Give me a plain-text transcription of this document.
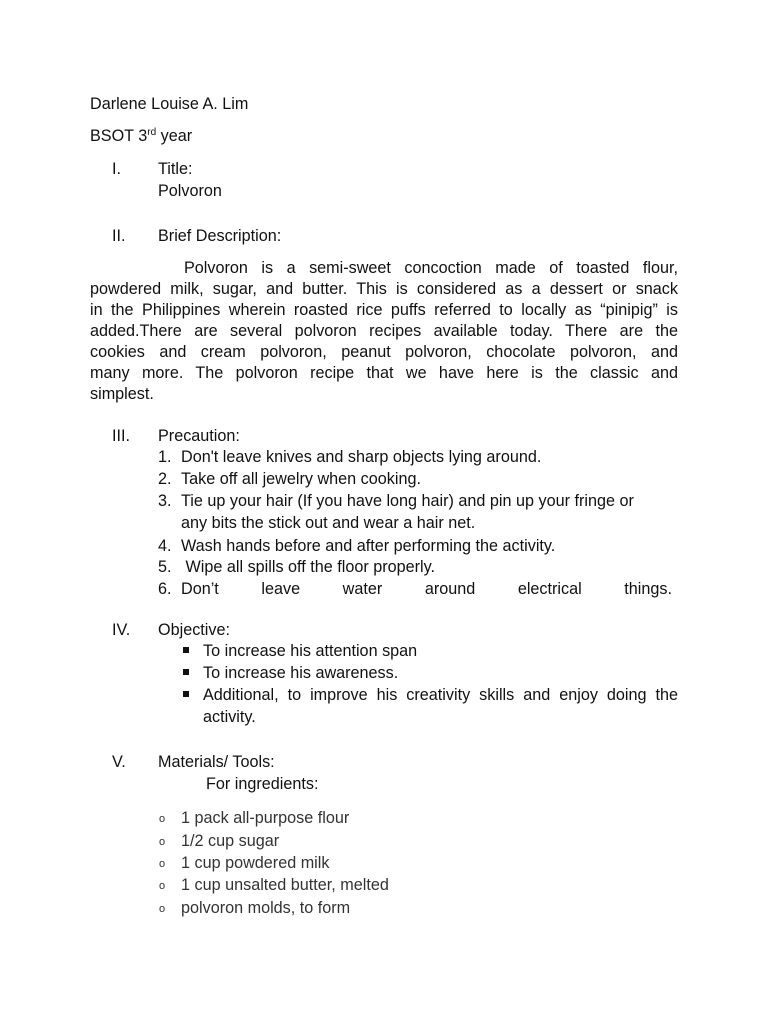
Darlene Louise A. Lim
BSOT 3rd year
I. Title:
Polvoron
II. Brief Description:
Polvoron is a semi-sweet concoction made of toasted flour,
powdered milk, sugar, and butter. This is considered as a dessert or snack
in the Philippines wherein roasted rice puffs referred to locally as “pinipig” is
added.There are several polvoron recipes available today. There are the
cookies and cream polvoron, peanut polvoron, chocolate polvoron, and
many more. The polvoron recipe that we have here is the classic and
simplest.
III. Precaution:
1. Don't leave knives and sharp objects lying around.
2. Take off all jewelry when cooking.
3. Tie up your hair (If you have long hair) and pin up your fringe or
any bits the stick out and wear a hair net.
4. Wash hands before and after performing the activity.
5. Wipe all spills off the floor properly.
6. Don’t	leave	water	around	electrical	things.
IV. Objective:
To increase his attention span
To increase his awareness.
Additional, to improve his creativity skills and enjoy doing the
activity.
V. Materials/ Tools:
For ingredients:
o 1 pack all-purpose flour
o 1/2 cup sugar
o 1 cup powdered milk
o 1 cup unsalted butter, melted
o polvoron molds, to form
